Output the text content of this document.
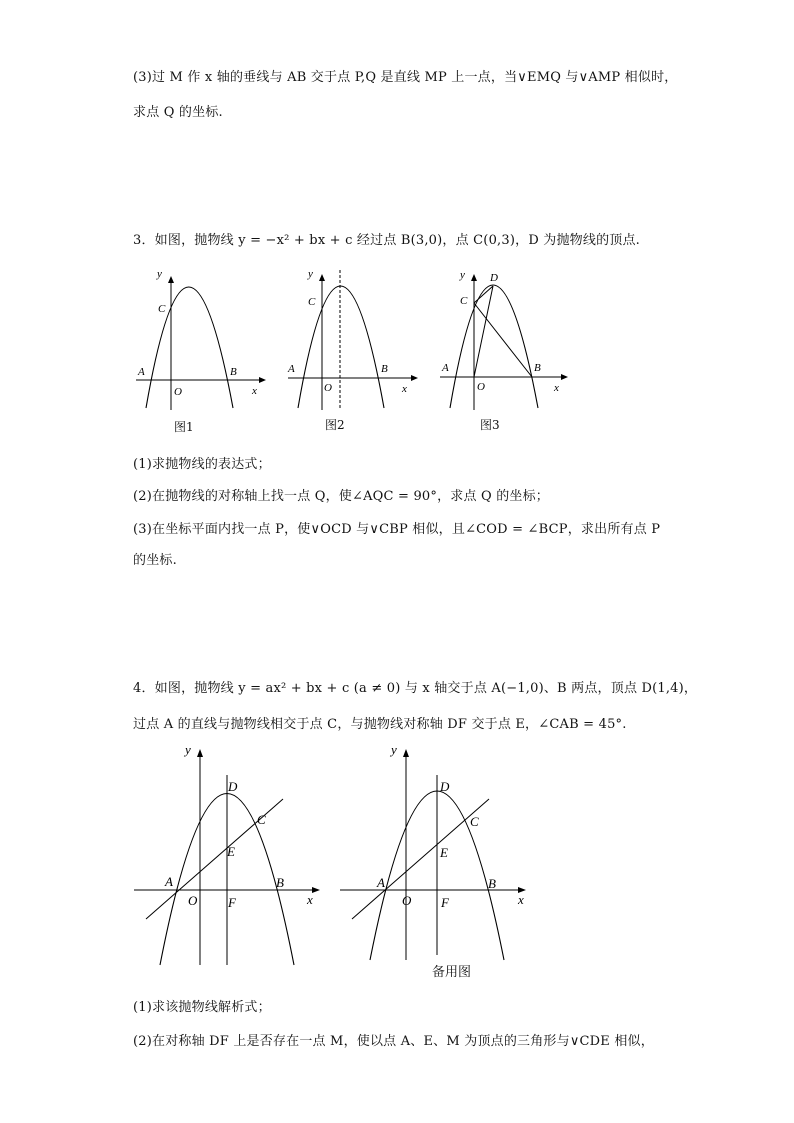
(3)过 M 作 x 轴的垂线与 AB 交于点 P,Q 是直线 MP 上一点，当∨EMQ 与∨AMP 相似时，
求点 Q 的坐标.
3．如图，抛物线 y = −x² + bx + c 经过点 B(3,0)，点 C(0,3)，D 为抛物线的顶点.
y
C
A	B
O	x
图1
y
C
A	B
O	x
图2
y D
C
A	B
O	x
图3
(1)求抛物线的表达式；
(2)在抛物线的对称轴上找一点 Q，使∠AQC = 90°，求点 Q 的坐标；
(3)在坐标平面内找一点 P，使∨OCD 与∨CBP 相似，且∠COD = ∠BCP，求出所有点 P
的坐标.
4．如图，抛物线 y = ax² + bx + c (a ≠ 0) 与 x 轴交于点 A(−1,0)、B 两点，顶点 D(1,4)，
过点 A 的直线与抛物线相交于点 C，与抛物线对称轴 DF 交于点 E，∠CAB = 45°.
y
D
C
E
A	B
O F	x
y
D
C
E
A	B
O F	x
备用图
(1)求该抛物线解析式；
(2)在对称轴 DF 上是否存在一点 M，使以点 A、E、M 为顶点的三角形与∨CDE 相似，
